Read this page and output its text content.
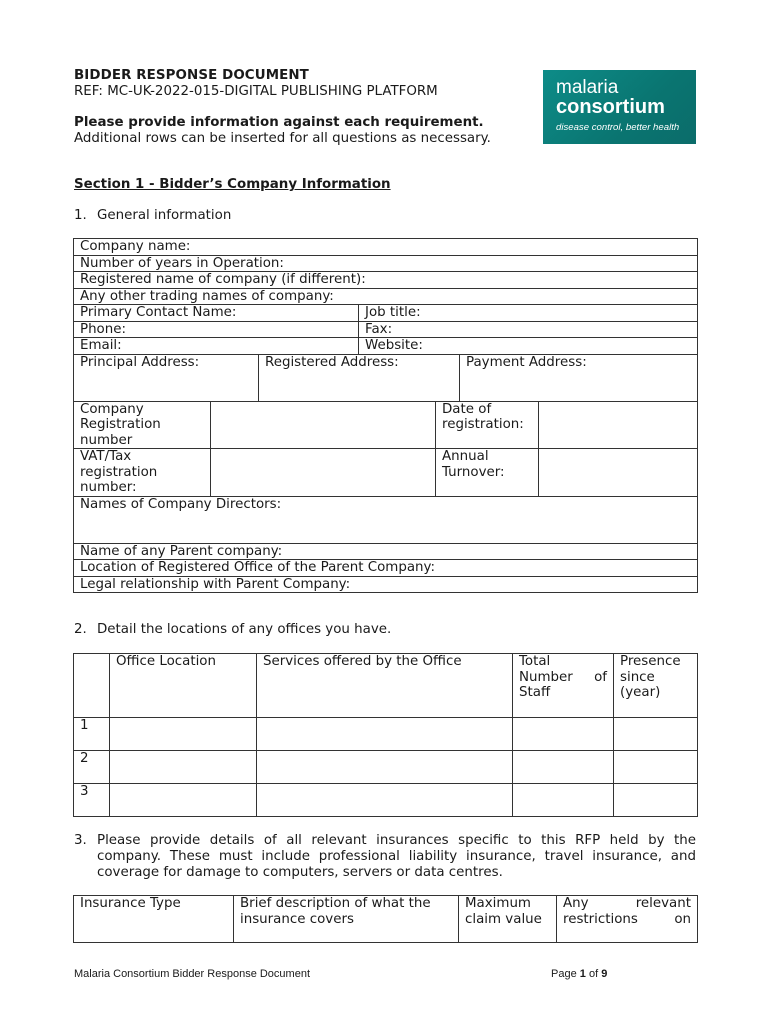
BIDDER RESPONSE DOCUMENT
REF: MC-UK-2022-015-DIGITAL PUBLISHING PLATFORM
Please provide information against each requirement.
Additional rows can be inserted for all questions as necessary.
malaria
consortium
disease control, better health
Section 1 - Bidder’s Company Information
1. General information
Company name:						
Number of years in Operation:						
Registered name of company (if different):						
Any other trading names of company:						
Primary Contact Name:			Job title:			
Phone:			Fax:			
Email:			Website:			
Principal Address:		Registered Address:			Payment Address:	
Company Registration number				Date of registration:		
VAT/Tax registration number:				Annual Turnover:		
Names of Company Directors:						
Name of any Parent company:						
Location of Registered Office of the Parent Company:						
Legal relationship with Parent Company:						
2. Detail the locations of any offices you have.
	Office Location	Services offered by the Office	Total Number of Staff	Presence since (year)
1				
2				
3				
3. Please provide details of all relevant insurances specific to this RFP held by the company. These must include professional liability insurance, travel insurance, and coverage for damage to computers, servers or data centres.
Insurance Type	Brief description of what the insurance covers	Maximum claim value	Any relevant restrictions on
Malaria Consortium Bidder Response Document	Page 1 of 9
